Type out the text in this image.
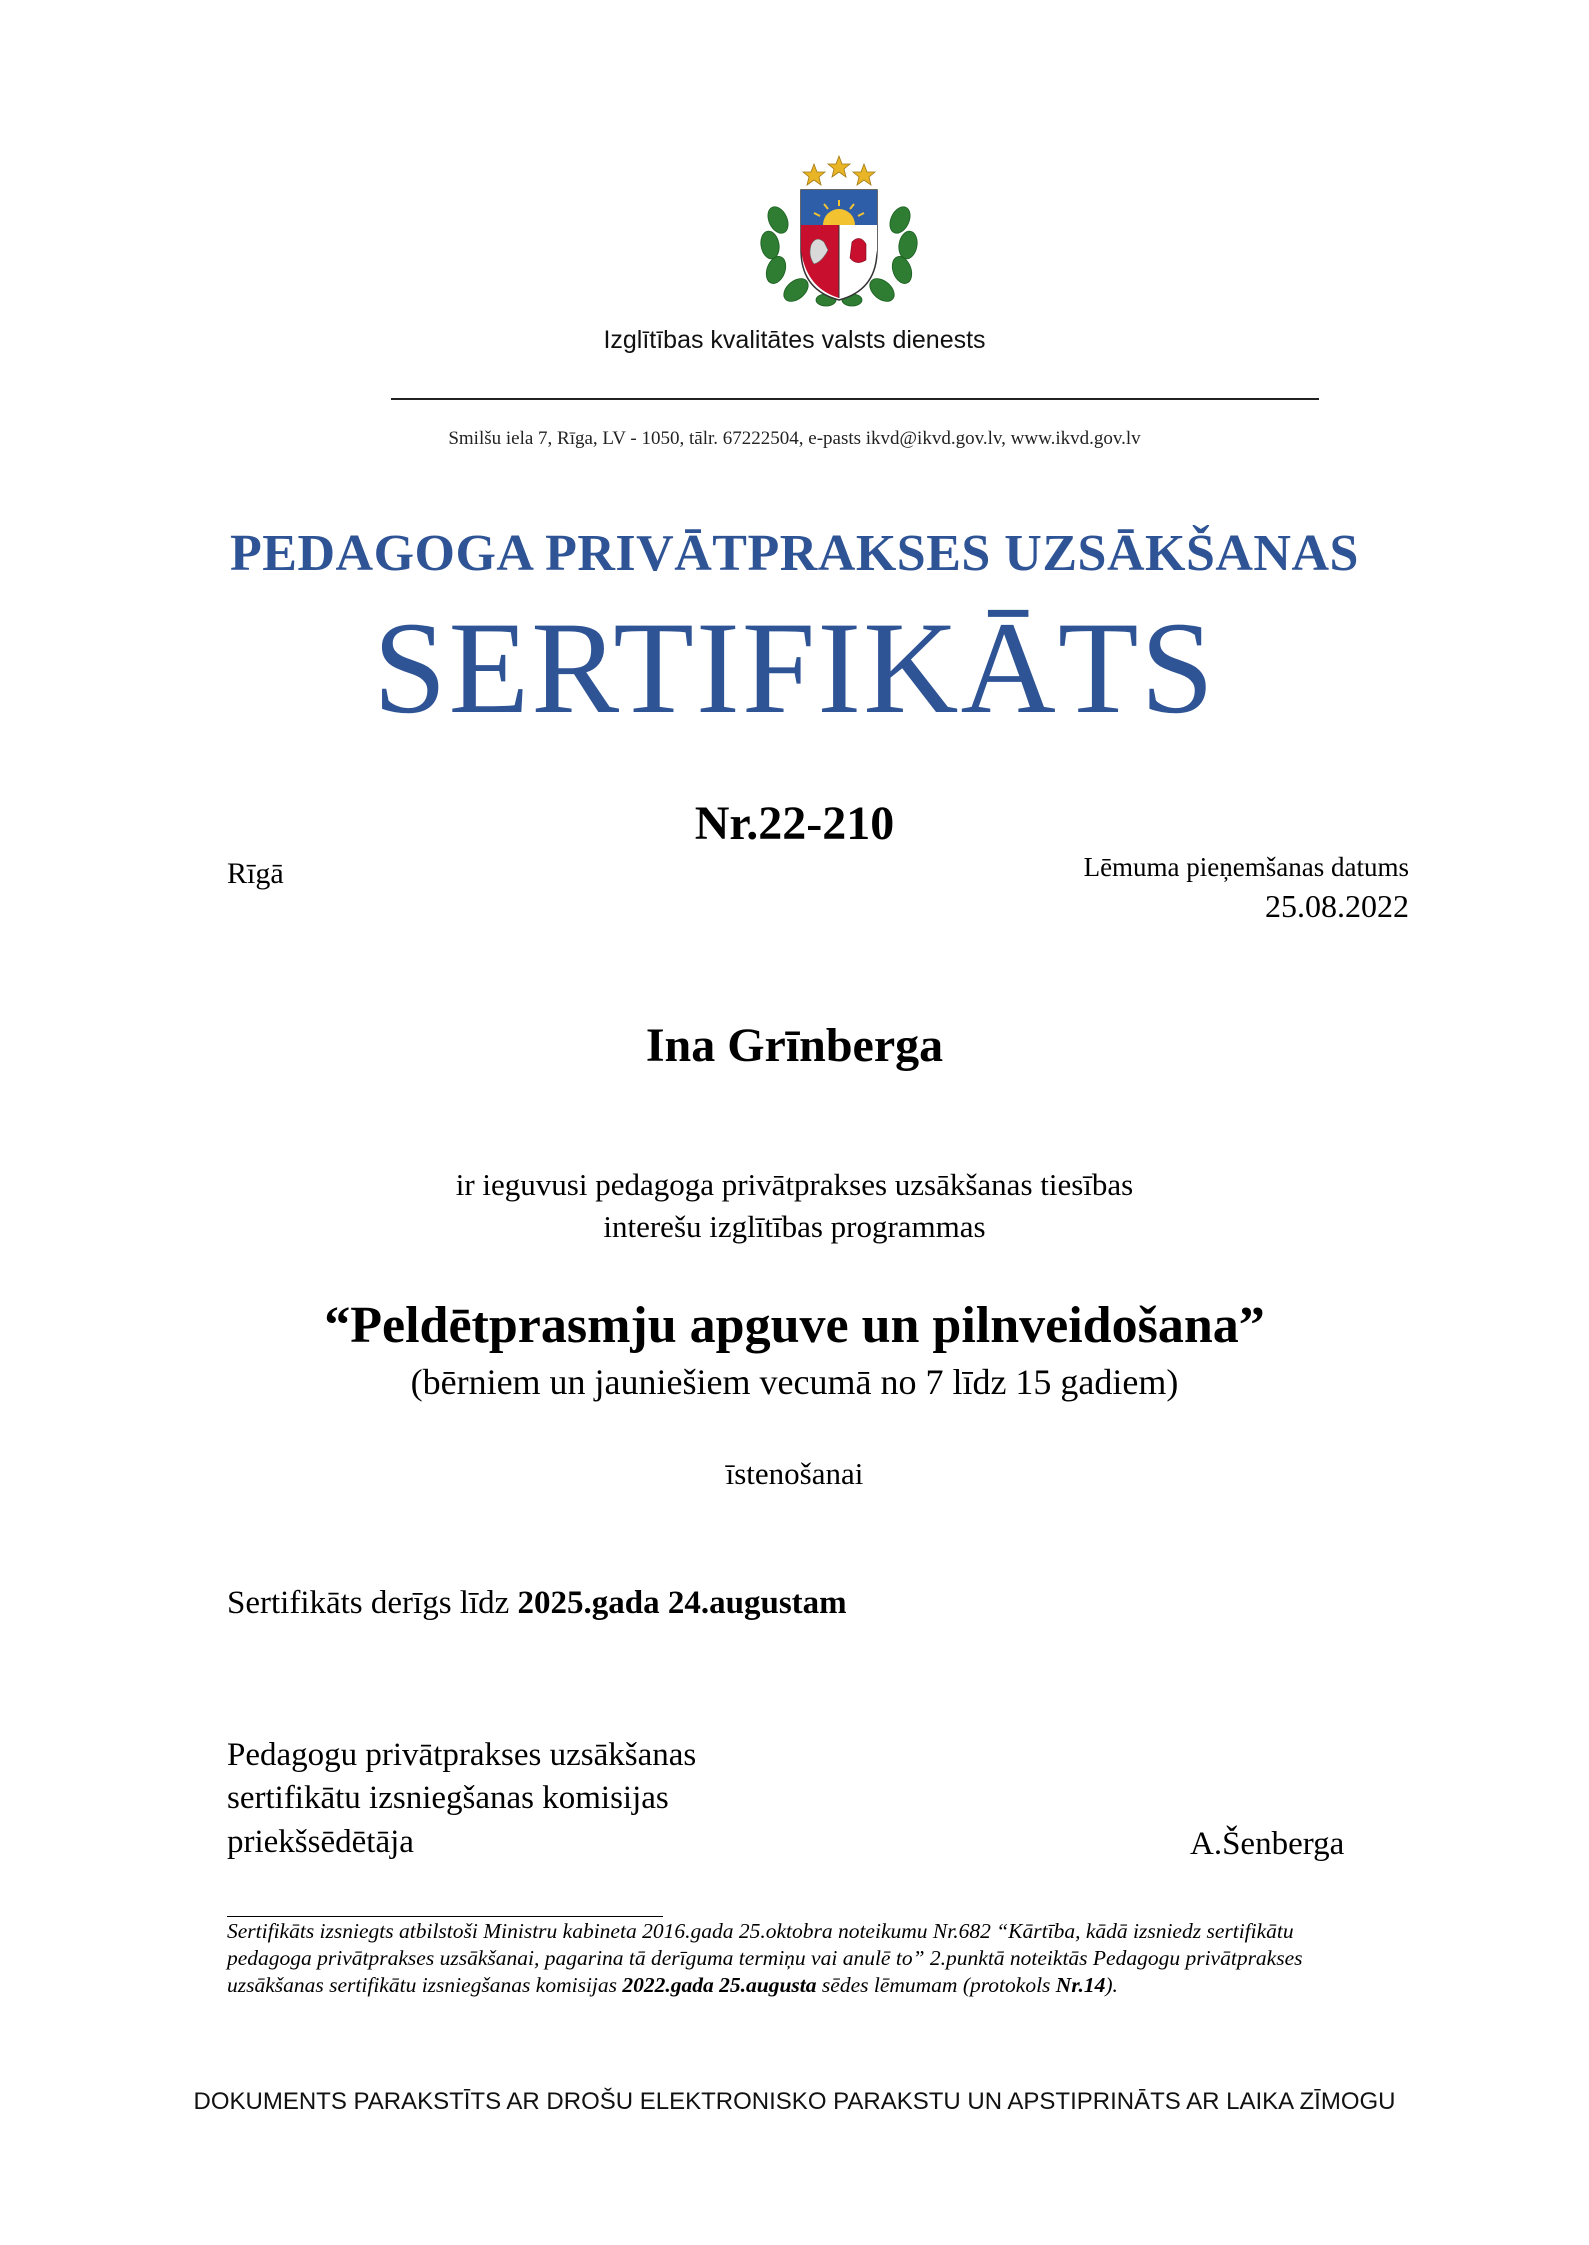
Izglītības kvalitātes valsts dienests
Smilšu iela 7, Rīga, LV - 1050, tālr. 67222504, e-pasts ikvd@ikvd.gov.lv, www.ikvd.gov.lv
PEDAGOGA PRIVĀTPRAKSES UZSĀKŠANAS
SERTIFIKĀTS
Nr.22-210
Rīgā	Lēmuma pieņemšanas datums
25.08.2022
Ina Grīnberga
ir ieguvusi pedagoga privātprakses uzsākšanas tiesības
interešu izglītības programmas
“Peldētprasmju apguve un pilnveidošana”
(bērniem un jauniešiem vecumā no 7 līdz 15 gadiem)
īstenošanai
Sertifikāts derīgs līdz 2025.gada 24.augustam
Pedagogu privātprakses uzsākšanas
sertifikātu izsniegšanas komisijas
priekšsēdētāja	A.Šenberga
Sertifikāts izsniegts atbilstoši Ministru kabineta 2016.gada 25.oktobra noteikumu Nr.682 “Kārtība, kādā izsniedz sertifikātu
pedagoga privātprakses uzsākšanai, pagarina tā derīguma termiņu vai anulē to” 2.punktā noteiktās Pedagogu privātprakses
uzsākšanas sertifikātu izsniegšanas komisijas 2022.gada 25.augusta sēdes lēmumam (protokols Nr.14).
DOKUMENTS PARAKSTĪTS AR DROŠU ELEKTRONISKO PARAKSTU UN APSTIPRINĀTS AR LAIKA ZĪMOGU
